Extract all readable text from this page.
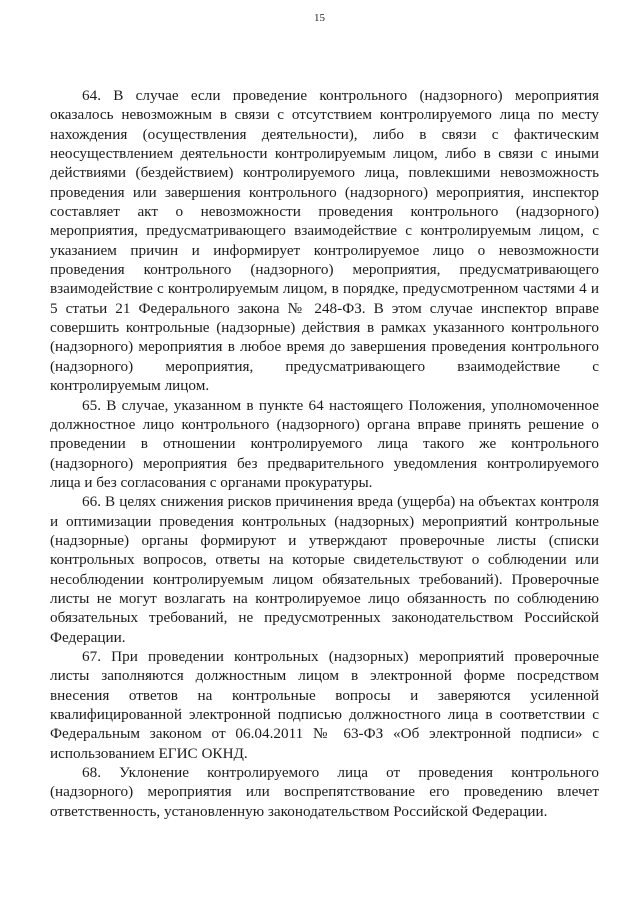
15

64. В случае если проведение контрольного (надзорного) мероприятия оказалось невозможным в связи с отсутствием контролируемого лица по месту нахождения (осуществления деятельности), либо в связи с фактическим неосуществлением деятельности контролируемым лицом, либо в связи с иными действиями (бездействием) контролируемого лица, повлекшими невозможность проведения или завершения контрольного (надзорного) мероприятия, инспектор составляет акт о невозможности проведения контрольного (надзорного) мероприятия, предусматривающего взаимодействие с контролируемым лицом, с указанием причин и информирует контролируемое лицо о невозможности проведения контрольного (надзорного) мероприятия, предусматривающего взаимодействие с контролируемым лицом, в порядке, предусмотренном частями 4 и 5 статьи 21 Федерального закона № 248-ФЗ. В этом случае инспектор вправе совершить контрольные (надзорные) действия в рамках указанного контрольного (надзорного) мероприятия в любое время до завершения проведения контрольного (надзорного) мероприятия, предусматривающего взаимодействие с контролируемым лицом.

65. В случае, указанном в пункте 64 настоящего Положения, уполномоченное должностное лицо контрольного (надзорного) органа вправе принять решение о проведении в отношении контролируемого лица такого же контрольного (надзорного) мероприятия без предварительного уведомления контролируемого лица и без согласования с органами прокуратуры.

66. В целях снижения рисков причинения вреда (ущерба) на объектах контроля и оптимизации проведения контрольных (надзорных) мероприятий контрольные (надзорные) органы формируют и утверждают проверочные листы (списки контрольных вопросов, ответы на которые свидетельствуют о соблюдении или несоблюдении контролируемым лицом обязательных требований). Проверочные листы не могут возлагать на контролируемое лицо обязанность по соблюдению обязательных требований, не предусмотренных законодательством Российской Федерации.

67. При проведении контрольных (надзорных) мероприятий проверочные листы заполняются должностным лицом в электронной форме посредством внесения ответов на контрольные вопросы и заверяются усиленной квалифицированной электронной подписью должностного лица в соответствии с Федеральным законом от 06.04.2011 № 63-ФЗ «Об электронной подписи» с использованием ЕГИС ОКНД.

68. Уклонение контролируемого лица от проведения контрольного (надзорного) мероприятия или воспрепятствование его проведению влечет ответственность, установленную законодательством Российской Федерации.
